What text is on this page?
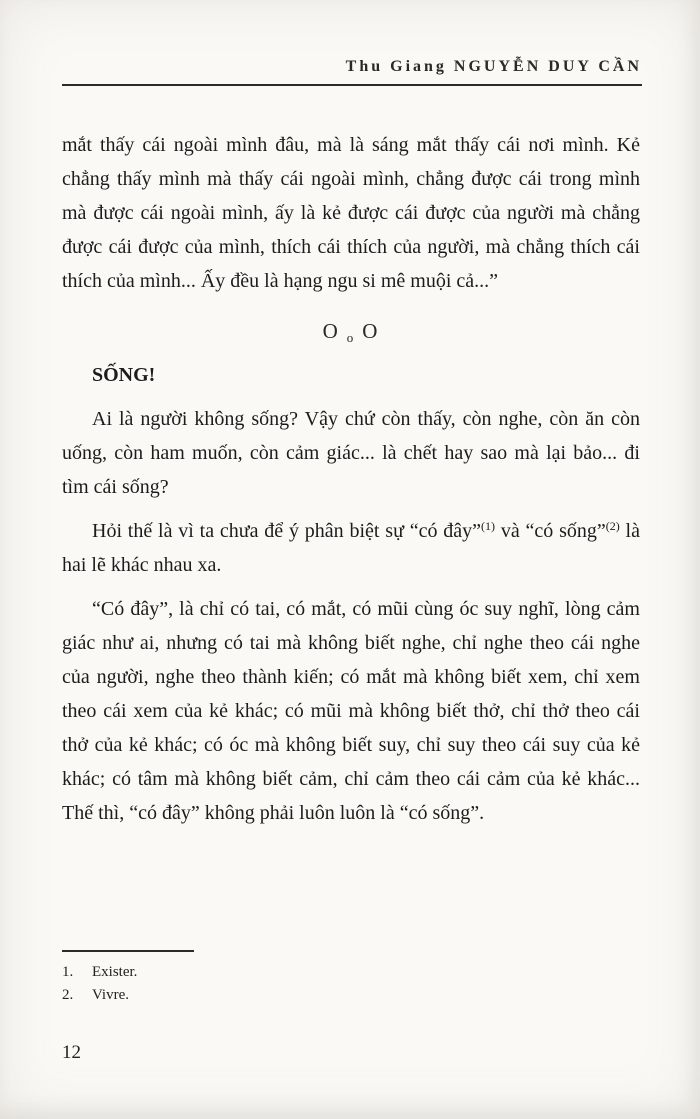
Thu Giang NGUYỄN DUY CẦN

mắt thấy cái ngoài mình đâu, mà là sáng mắt thấy cái nơi mình. Kẻ chẳng thấy mình mà thấy cái ngoài mình, chẳng được cái trong mình mà được cái ngoài mình, ấy là kẻ được cái được của người mà chẳng được cái được của mình, thích cái thích của người, mà chẳng thích cái thích của mình... Ấy đều là hạng ngu si mê muội cả...”

O $_o$ O
SỐNG!

Ai là người không sống? Vậy chứ còn thấy, còn nghe, còn ăn còn uống, còn ham muốn, còn cảm giác... là chết hay sao mà lại bảo... đi tìm cái sống?

Hỏi thế là vì ta chưa để ý phân biệt sự “có đây”$^{(1)}$ và “có sống”$^{(2)}$ là hai lẽ khác nhau xa.

“Có đây”, là chỉ có tai, có mắt, có mũi cùng óc suy nghĩ, lòng cảm giác như ai, nhưng có tai mà không biết nghe, chỉ nghe theo cái nghe của người, nghe theo thành kiến; có mắt mà không biết xem, chỉ xem theo cái xem của kẻ khác; có mũi mà không biết thở, chỉ thở theo cái thở của kẻ khác; có óc mà không biết suy, chỉ suy theo cái suy của kẻ khác; có tâm mà không biết cảm, chỉ cảm theo cái cảm của kẻ khác... Thế thì, “có đây” không phải luôn luôn là “có sống”.

1.	Exister.
2.	Vivre.
12
